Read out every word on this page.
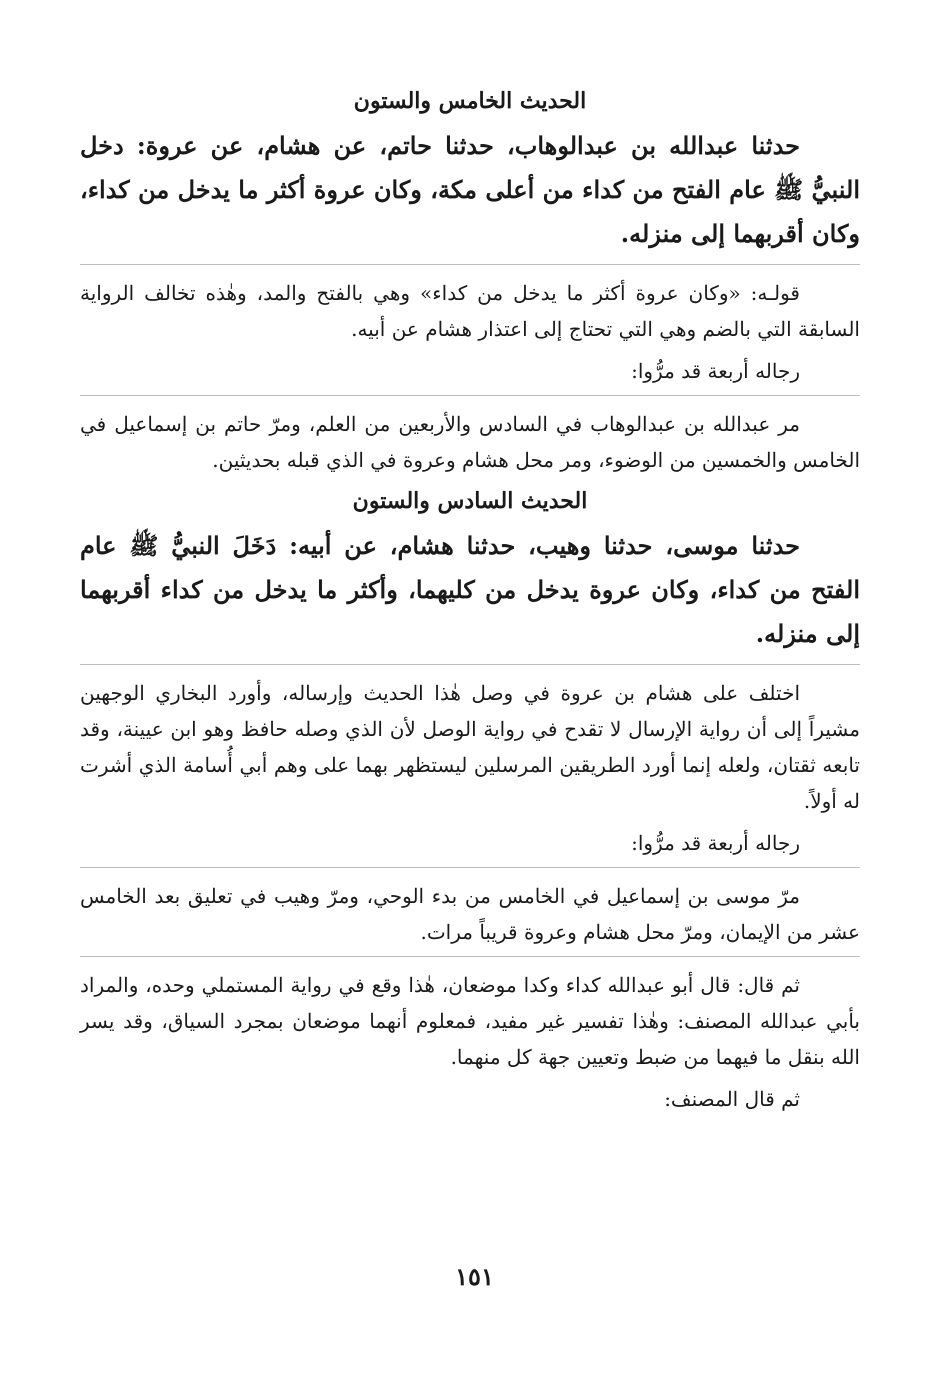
الحديث الخامس والستون
حدثنا عبدالله بن عبدالوهاب، حدثنا حاتم، عن هشام، عن عروة: دخل النبيُّ ﷺ عام الفتح من كداء من أعلى مكة، وكان عروة أكثر ما يدخل من كداء، وكان أقربهما إلى منزله.
قولـه: «وكان عروة أكثر ما يدخل من كداء» وهي بالفتح والمد، وهٰذه تخالف الرواية السابقة التي بالضم وهي التي تحتاج إلى اعتذار هشام عن أبيه.
رجاله أربعة قد مرُّوا:
مر عبدالله بن عبدالوهاب في السادس والأربعين من العلم، ومرّ حاتم بن إسماعيل في الخامس والخمسين من الوضوء، ومر محل هشام وعروة في الذي قبله بحديثين.
الحديث السادس والستون
حدثنا موسى، حدثنا وهيب، حدثنا هشام، عن أبيه: دَخَلَ النبيُّ ﷺ عام الفتح من كداء، وكان عروة يدخل من كليهما، وأكثر ما يدخل من كداء أقربهما إلى منزله.
اختلف على هشام بن عروة في وصل هٰذا الحديث وإرساله، وأورد البخاري الوجهين مشيراً إلى أن رواية الإرسال لا تقدح في رواية الوصل لأن الذي وصله حافظ وهو ابن عيينة، وقد تابعه ثقتان، ولعله إنما أورد الطريقين المرسلين ليستظهر بهما على وهم أبي أُسامة الذي أشرت له أولاً.
رجاله أربعة قد مرُّوا:
مرّ موسى بن إسماعيل في الخامس من بدء الوحي، ومرّ وهيب في تعليق بعد الخامس عشر من الإيمان، ومرّ محل هشام وعروة قريباً مرات.
ثم قال: قال أبو عبدالله كداء وكدا موضعان، هٰذا وقع في رواية المستملي وحده، والمراد بأبي عبدالله المصنف: وهٰذا تفسير غير مفيد، فمعلوم أنهما موضعان بمجرد السياق، وقد يسر الله بنقل ما فيهما من ضبط وتعيين جهة كل منهما.
ثم قال المصنف:
١٥١
